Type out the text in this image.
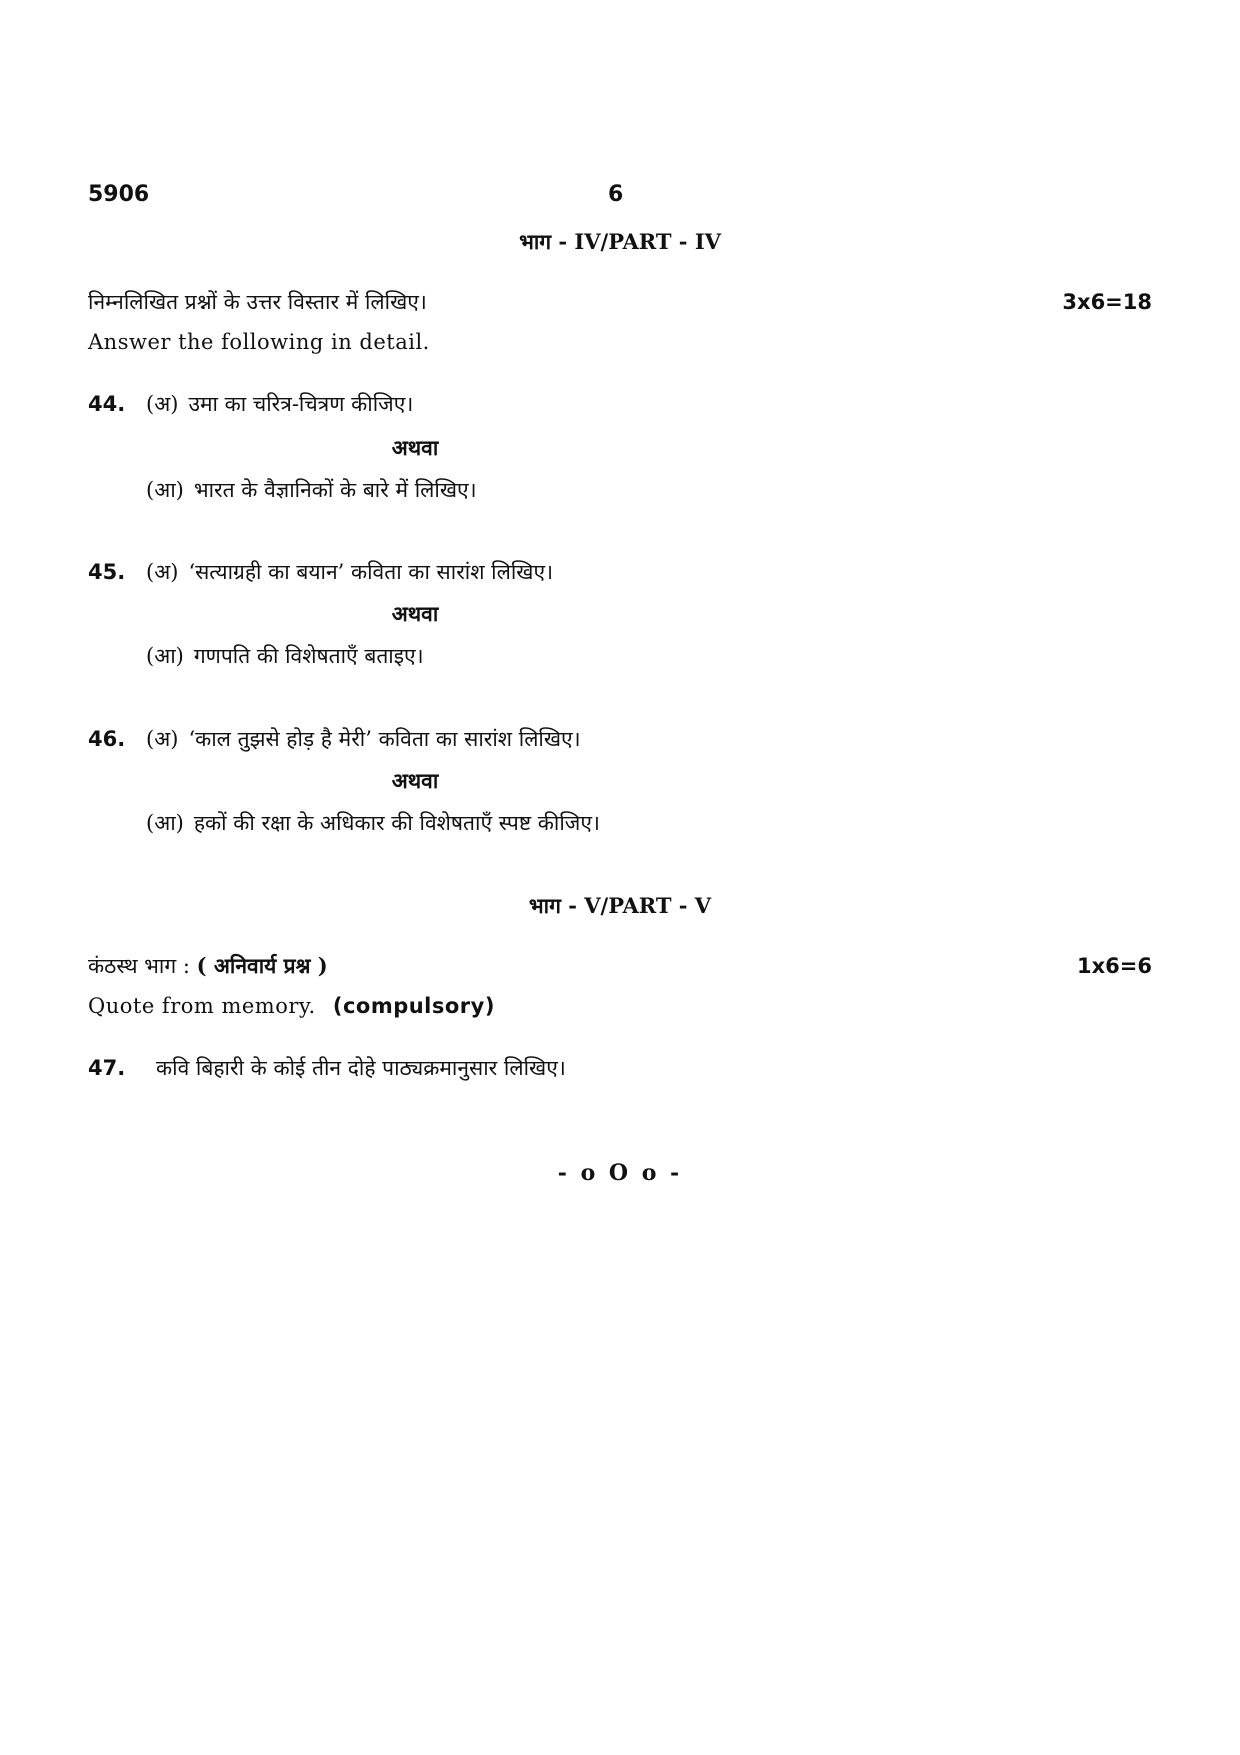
5906	6
भाग - IV/PART - IV
निम्नलिखित प्रश्नों के उत्तर विस्तार में लिखिए।	3x6=18
Answer the following in detail.
44. (अ) उमा का चरित्र-चित्रण कीजिए।
अथवा
(आ) भारत के वैज्ञानिकों के बारे में लिखिए।
45. (अ) ‘सत्याग्रही का बयान’ कविता का सारांश लिखिए।
अथवा
(आ) गणपति की विशेषताएँ बताइए।
46. (अ) ‘काल तुझसे होड़ है मेरी’ कविता का सारांश लिखिए।
अथवा
(आ) हकों की रक्षा के अधिकार की विशेषताएँ स्पष्ट कीजिए।
भाग - V/PART - V
कंठस्थ भाग : ( अनिवार्य प्रश्न )	1x6=6
Quote from memory. (compulsory)
47. कवि बिहारी के कोई तीन दोहे पाठ्यक्रमानुसार लिखिए।
- o O o -
